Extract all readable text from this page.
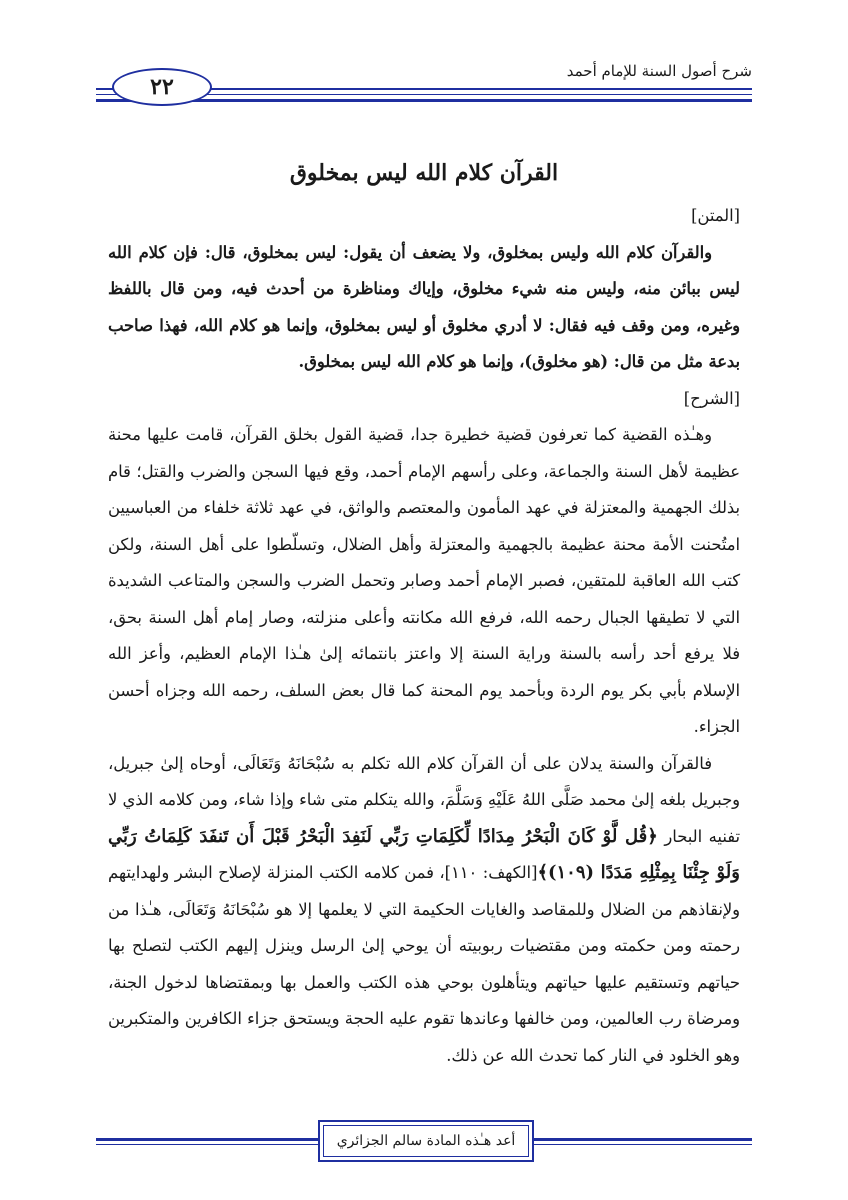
شرح أصول السنة للإمام أحمد
٢٢
القرآن كلام الله ليس بمخلوق

[المتن]

والقرآن كلام الله وليس بمخلوق، ولا يضعف أن يقول: ليس بمخلوق، قال: فإن كلام الله ليس ببائن منه، وليس منه شيء مخلوق، وإياك ومناظرة من أحدث فيه، ومن قال باللفظ وغيره، ومن وقف فيه فقال: لا أدري مخلوق أو ليس بمخلوق، وإنما هو كلام الله، فهذا صاحب بدعة مثل من قال: (هو مخلوق)، وإنما هو كلام الله ليس بمخلوق.

[الشرح]

وهـٰذه القضية كما تعرفون قضية خطيرة جدا، قضية القول بخلق القرآن، قامت عليها محنة عظيمة لأهل السنة والجماعة، وعلى رأسهم الإمام أحمد، وقع فيها السجن والضرب والقتل؛ قام بذلك الجهمية والمعتزلة في عهد المأمون والمعتصم والواثق، في عهد ثلاثة خلفاء من العباسيين امتُحنت الأمة محنة عظيمة بالجهمية والمعتزلة وأهل الضلال، وتسلّطوا على أهل السنة، ولكن كتب الله العاقبة للمتقين، فصبر الإمام أحمد وصابر وتحمل الضرب والسجن والمتاعب الشديدة التي لا تطيقها الجبال رحمه الله، فرفع الله مكانته وأعلى منزلته، وصار إمام أهل السنة بحق، فلا يرفع أحد رأسه بالسنة وراية السنة إلا واعتز بانتمائه إلىٰ هـٰذا الإمام العظيم، وأعز الله الإسلام بأبي بكر يوم الردة وبأحمد يوم المحنة كما قال بعض السلف، رحمه الله وجزاه أحسن الجزاء.

فالقرآن والسنة يدلان على أن القرآن كلام الله تكلم به سُبْحَانَهُ وَتَعَالَى، أوحاه إلىٰ جبريل، وجبريل بلغه إلىٰ محمد صَلَّى اللهُ عَلَيْهِ وَسَلَّمَ، والله يتكلم متى شاء وإذا شاء، ومن كلامه الذي لا تفنيه البحار ﴿قُل لَّوْ كَانَ الْبَحْرُ مِدَادًا لِّكَلِمَاتِ رَبِّي لَنَفِدَ الْبَحْرُ قَبْلَ أَن تَنفَدَ كَلِمَاتُ رَبِّي وَلَوْ جِئْنَا بِمِثْلِهِ مَدَدًا (١٠٩)﴾[الكهف: ١١٠]، فمن كلامه الكتب المنزلة لإصلاح البشر ولهدايتهم ولإنقاذهم من الضلال وللمقاصد والغايات الحكيمة التي لا يعلمها إلا هو سُبْحَانَهُ وَتَعَالَى، هـٰذا من رحمته ومن حكمته ومن مقتضيات ربوبيته أن يوحي إلىٰ الرسل وينزل إليهم الكتب لتصلح بها حياتهم وتستقيم عليها حياتهم ويتأهلون بوحي هذه الكتب والعمل بها وبمقتضاها لدخول الجنة، ومرضاة رب العالمين، ومن خالفها وعاندها تقوم عليه الحجة ويستحق جزاء الكافرين والمتكبرين وهو الخلود في النار كما تحدث الله عن ذلك.

أعد هـٰذه المادة سالم الجزائري
